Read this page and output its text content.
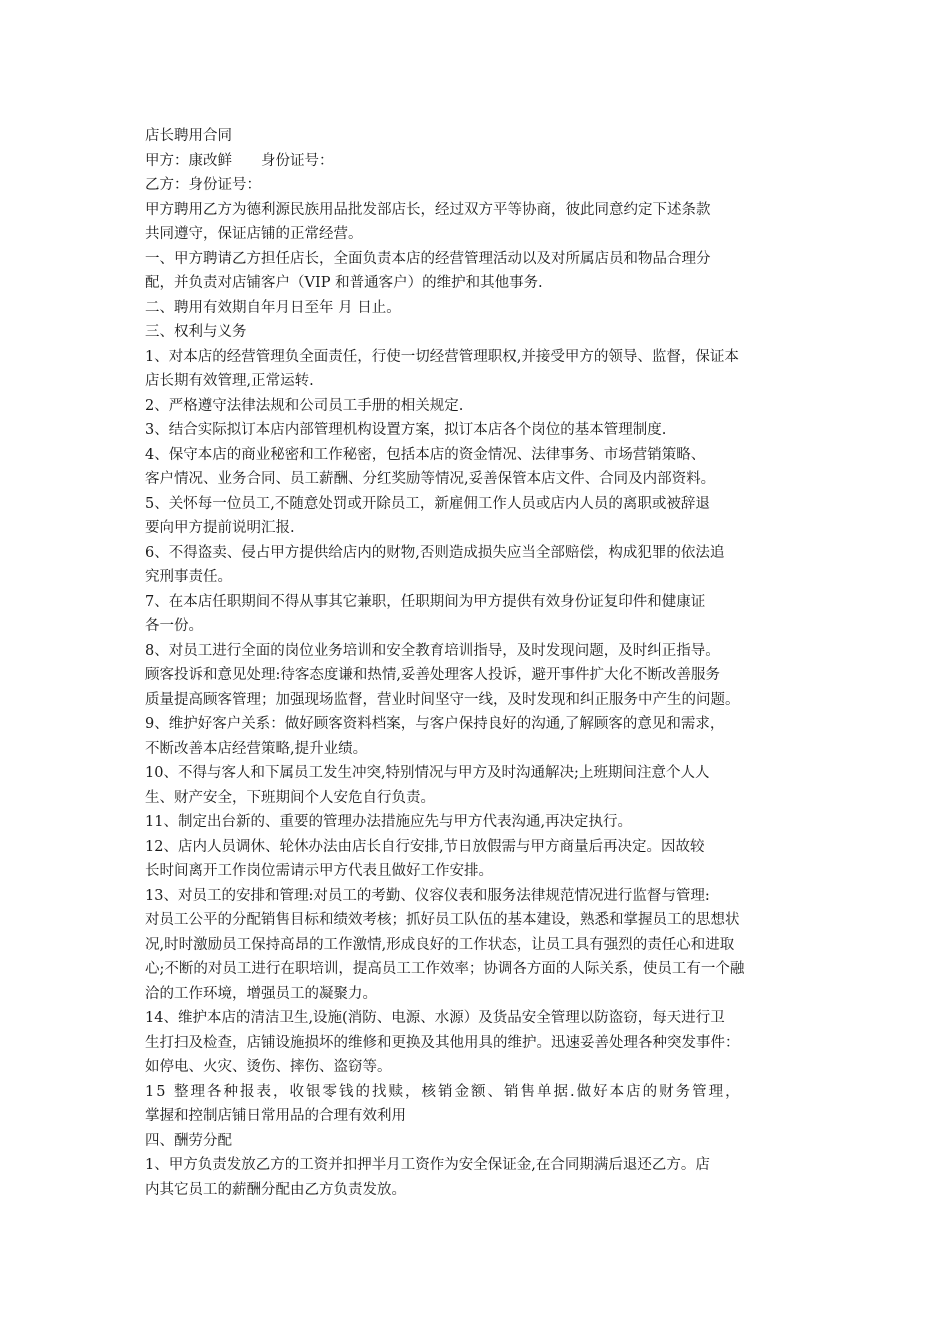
店长聘用合同

甲方：康改鲜　　身份证号：

乙方：身份证号：

甲方聘用乙方为德利源民族用品批发部店长，经过双方平等协商，彼此同意约定下述条款

共同遵守，保证店铺的正常经营。

一、甲方聘请乙方担任店长，全面负责本店的经营管理活动以及对所属店员和物品合理分

配，并负责对店铺客户（VIP 和普通客户）的维护和其他事务.

二、聘用有效期自年月日至年 月 日止。

三、权利与义务

1、对本店的经营管理负全面责任，行使一切经营管理职权,并接受甲方的领导、监督，保证本

店长期有效管理,正常运转.

2、严格遵守法律法规和公司员工手册的相关规定.

3、结合实际拟订本店内部管理机构设置方案，拟订本店各个岗位的基本管理制度.

4、保守本店的商业秘密和工作秘密，包括本店的资金情况、法律事务、市场营销策略、

客户情况、业务合同、员工薪酬、分红奖励等情况,妥善保管本店文件、合同及内部资料。

5、关怀每一位员工,不随意处罚或开除员工，新雇佣工作人员或店内人员的离职或被辞退

要向甲方提前说明汇报.

6、不得盗卖、侵占甲方提供给店内的财物,否则造成损失应当全部赔偿，构成犯罪的依法追

究刑事责任。

7、在本店任职期间不得从事其它兼职，任职期间为甲方提供有效身份证复印件和健康证

各一份。

8、对员工进行全面的岗位业务培训和安全教育培训指导，及时发现问题，及时纠正指导。

顾客投诉和意见处理:待客态度谦和热情,妥善处理客人投诉，避开事件扩大化不断改善服务

质量提高顾客管理；加强现场监督，营业时间坚守一线，及时发现和纠正服务中产生的问题。

9、维护好客户关系：做好顾客资料档案，与客户保持良好的沟通,了解顾客的意见和需求，

不断改善本店经营策略,提升业绩。

10、不得与客人和下属员工发生冲突,特别情况与甲方及时沟通解决;上班期间注意个人人

生、财产安全，下班期间个人安危自行负责。

11、制定出台新的、重要的管理办法措施应先与甲方代表沟通,再决定执行。

12、店内人员调休、轮休办法由店长自行安排,节日放假需与甲方商量后再决定。因故较

长时间离开工作岗位需请示甲方代表且做好工作安排。

13、对员工的安排和管理:对员工的考勤、仪容仪表和服务法律规范情况进行监督与管理:

对员工公平的分配销售目标和绩效考核；抓好员工队伍的基本建设，熟悉和掌握员工的思想状

况,时时激励员工保持高昂的工作激情,形成良好的工作状态，让员工具有强烈的责任心和进取

心;不断的对员工进行在职培训，提高员工工作效率；协调各方面的人际关系，使员工有一个融

洽的工作环境，增强员工的凝聚力。

14、维护本店的清洁卫生,设施(消防、电源、水源）及货品安全管理以防盗窃，每天进行卫

生打扫及检查，店铺设施损坏的维修和更换及其他用具的维护。迅速妥善处理各种突发事件：

如停电、火灾、烫伤、摔伤、盗窃等。

15 整理各种报表，收银零钱的找赎，核销金额、销售单据.做好本店的财务管理，

掌握和控制店铺日常用品的合理有效利用

四、酬劳分配

1、甲方负责发放乙方的工资并扣押半月工资作为安全保证金,在合同期满后退还乙方。店

内其它员工的薪酬分配由乙方负责发放。
